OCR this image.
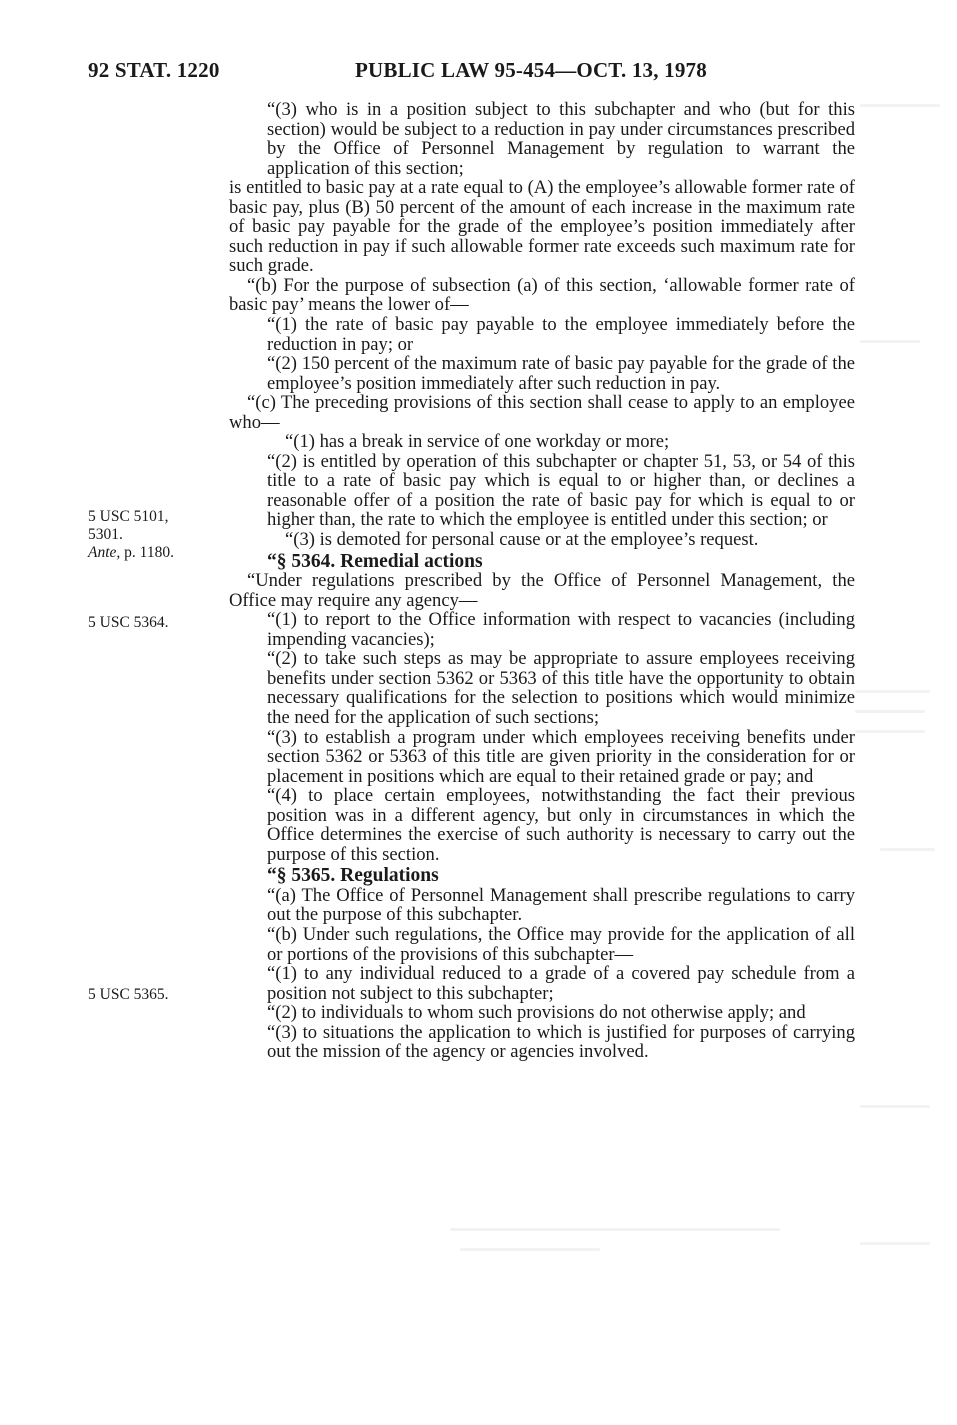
92 STAT. 1220	PUBLIC LAW 95-454—OCT. 13, 1978
5 USC 5101,
5301.
Ante, p. 1180.
5 USC 5364.
5 USC 5365.

“(3) who is in a position subject to this subchapter and who (but for this section) would be subject to a reduction in pay under circumstances prescribed by the Office of Personnel Management by regulation to warrant the application of this section;

is entitled to basic pay at a rate equal to (A) the employee’s allowable former rate of basic pay, plus (B) 50 percent of the amount of each increase in the maximum rate of basic pay payable for the grade of the employee’s position immediately after such reduction in pay if such allowable former rate exceeds such maximum rate for such grade.

“(b) For the purpose of subsection (a) of this section, ‘allowable former rate of basic pay’ means the lower of—

“(1) the rate of basic pay payable to the employee immediately before the reduction in pay; or

“(2) 150 percent of the maximum rate of basic pay payable for the grade of the employee’s position immediately after such reduction in pay.

“(c) The preceding provisions of this section shall cease to apply to an employee who—

“(1) has a break in service of one workday or more;

“(2) is entitled by operation of this subchapter or chapter 51, 53, or 54 of this title to a rate of basic pay which is equal to or higher than, or declines a reasonable offer of a position the rate of basic pay for which is equal to or higher than, the rate to which the employee is entitled under this section; or

“(3) is demoted for personal cause or at the employee’s request.

“§ 5364. Remedial actions

“Under regulations prescribed by the Office of Personnel Management, the Office may require any agency—

“(1) to report to the Office information with respect to vacancies (including impending vacancies);

“(2) to take such steps as may be appropriate to assure employees receiving benefits under section 5362 or 5363 of this title have the opportunity to obtain necessary qualifications for the selection to positions which would minimize the need for the application of such sections;

“(3) to establish a program under which employees receiving benefits under section 5362 or 5363 of this title are given priority in the consideration for or placement in positions which are equal to their retained grade or pay; and

“(4) to place certain employees, notwithstanding the fact their previous position was in a different agency, but only in circumstances in which the Office determines the exercise of such authority is necessary to carry out the purpose of this section.

“§ 5365. Regulations

“(a) The Office of Personnel Management shall prescribe regulations to carry out the purpose of this subchapter.

“(b) Under such regulations, the Office may provide for the application of all or portions of the provisions of this subchapter—

“(1) to any individual reduced to a grade of a covered pay schedule from a position not subject to this subchapter;

“(2) to individuals to whom such provisions do not otherwise apply; and

“(3) to situations the application to which is justified for purposes of carrying out the mission of the agency or agencies involved.
